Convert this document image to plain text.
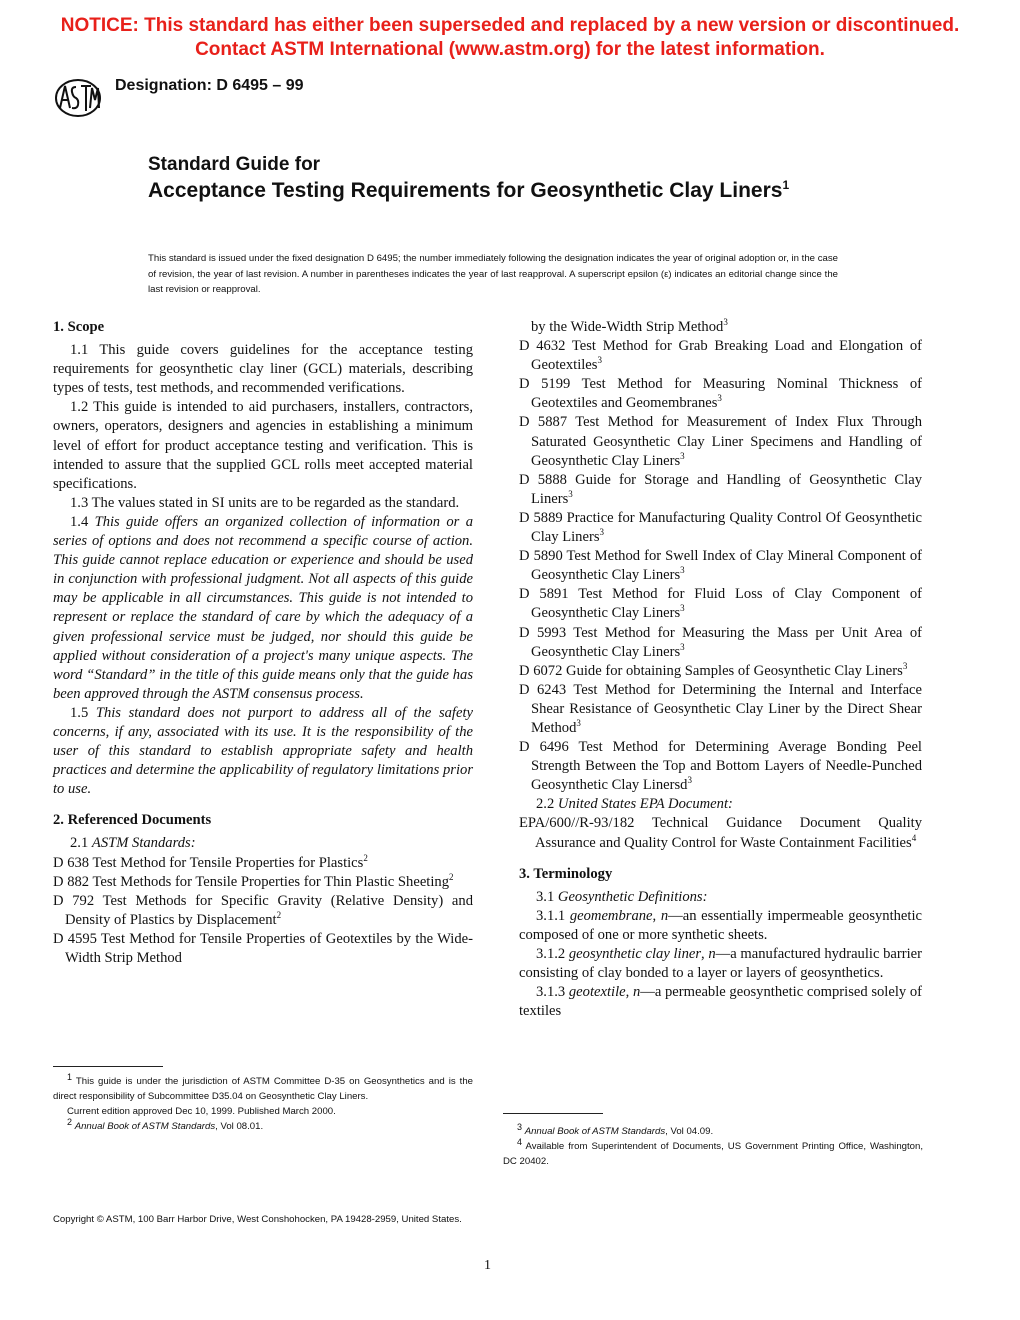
NOTICE: This standard has either been superseded and replaced by a new version or discontinued.
Contact ASTM International (www.astm.org) for the latest information.
Designation: D 6495 – 99
Standard Guide for
Acceptance Testing Requirements for Geosynthetic Clay Liners$^1$
This standard is issued under the fixed designation D 6495; the number immediately following the designation indicates the year of original adoption or, in the case of revision, the year of last revision. A number in parentheses indicates the year of last reapproval. A superscript epsilon (ε) indicates an editorial change since the last revision or reapproval.

1. Scope

1.1 This guide covers guidelines for the acceptance testing requirements for geosynthetic clay liner (GCL) materials, describing types of tests, test methods, and recommended verifications.

1.2 This guide is intended to aid purchasers, installers, contractors, owners, operators, designers and agencies in establishing a minimum level of effort for product acceptance testing and verification. This is intended to assure that the supplied GCL rolls meet accepted material specifications.

1.3 The values stated in SI units are to be regarded as the standard.

1.4 This guide offers an organized collection of information or a series of options and does not recommend a specific course of action. This guide cannot replace education or experience and should be used in conjunction with professional judgment. Not all aspects of this guide may be applicable in all circumstances. This guide is not intended to represent or replace the standard of care by which the adequacy of a given professional service must be judged, nor should this guide be applied without consideration of a project's many unique aspects. The word “Standard” in the title of this guide means only that the guide has been approved through the ASTM consensus process.

1.5 This standard does not purport to address all of the safety concerns, if any, associated with its use. It is the responsibility of the user of this standard to establish appropriate safety and health practices and determine the applicability of regulatory limitations prior to use.

2. Referenced Documents

2.1 ASTM Standards:

D 638 Test Method for Tensile Properties for Plastics$^2$

D 882 Test Methods for Tensile Properties for Thin Plastic Sheeting$^2$

D 792 Test Methods for Specific Gravity (Relative Density) and Density of Plastics by Displacement$^2$

D 4595 Test Method for Tensile Properties of Geotextiles by the Wide-Width Strip Method

by the Wide-Width Strip Method$^3$

D 4632 Test Method for Grab Breaking Load and Elongation of Geotextiles$^3$

D 5199 Test Method for Measuring Nominal Thickness of Geotextiles and Geomembranes$^3$

D 5887 Test Method for Measurement of Index Flux Through Saturated Geosynthetic Clay Liner Specimens and Handling of Geosynthetic Clay Liners$^3$

D 5888 Guide for Storage and Handling of Geosynthetic Clay Liners$^3$

D 5889 Practice for Manufacturing Quality Control Of Geosynthetic Clay Liners$^3$

D 5890 Test Method for Swell Index of Clay Mineral Component of Geosynthetic Clay Liners$^3$

D 5891 Test Method for Fluid Loss of Clay Component of Geosynthetic Clay Liners$^3$

D 5993 Test Method for Measuring the Mass per Unit Area of Geosynthetic Clay Liners$^3$

D 6072 Guide for obtaining Samples of Geosynthetic Clay Liners$^3$

D 6243 Test Method for Determining the Internal and Interface Shear Resistance of Geosynthetic Clay Liner by the Direct Shear Method$^3$

D 6496 Test Method for Determining Average Bonding Peel Strength Between the Top and Bottom Layers of Needle-Punched Geosynthetic Clay Linersd$^3$

2.2 United States EPA Document:

EPA/600//R-93/182 Technical Guidance Document Quality Assurance and Quality Control for Waste Containment Facilities$^4$

3. Terminology

3.1 Geosynthetic Definitions:

3.1.1 geomembrane, n—an essentially impermeable geosynthetic composed of one or more synthetic sheets.

3.1.2 geosynthetic clay liner, n—a manufactured hydraulic barrier consisting of clay bonded to a layer or layers of geosynthetics.

3.1.3 geotextile, n—a permeable geosynthetic comprised solely of textiles

$^1$ This guide is under the jurisdiction of ASTM Committee D-35 on Geosynthetics and is the direct responsibility of Subcommittee D35.04 on Geosynthetic Clay Liners.

Current edition approved Dec 10, 1999. Published March 2000.

$^2$ Annual Book of ASTM Standards, Vol 08.01.	$^3$ Annual Book of ASTM Standards, Vol 04.09.

$^4$ Available from Superintendent of Documents, US Government Printing Office, Washington, DC 20402.

Copyright © ASTM, 100 Barr Harbor Drive, West Conshohocken, PA 19428-2959, United States.
1
